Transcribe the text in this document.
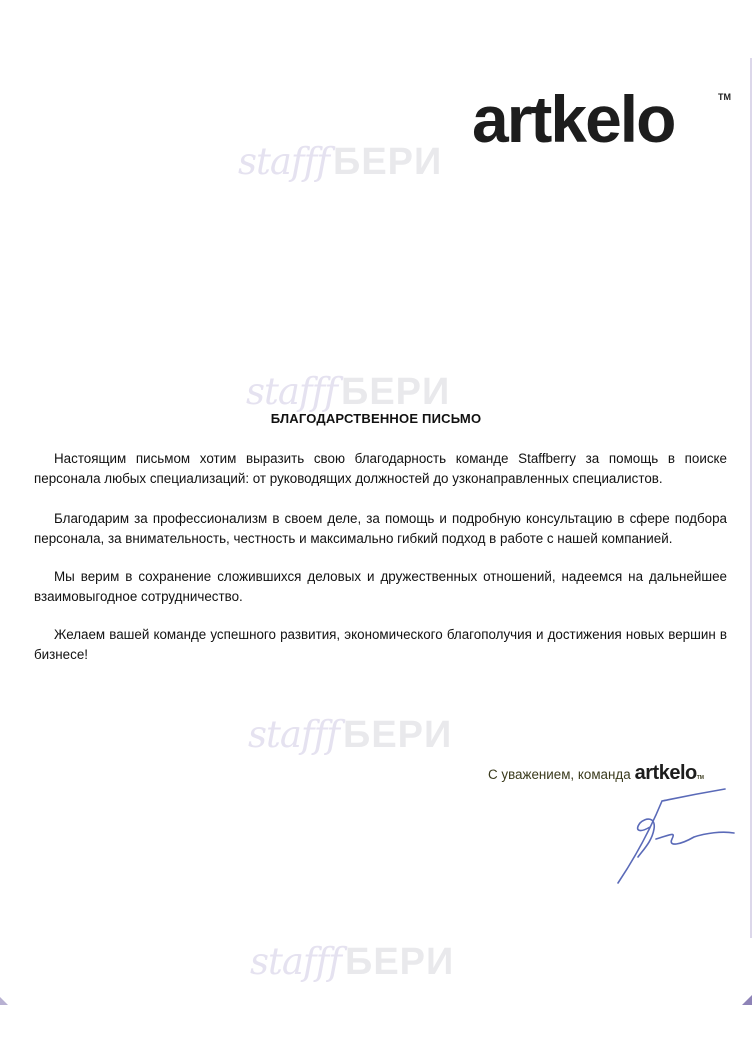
artkelo	TM
stafff БЕРИ
stafff БЕРИ
stafff БЕРИ
stafff БЕРИ
БЛАГОДАРСТВЕННОЕ ПИСЬМО
Настоящим письмом хотим выразить свою благодарность команде Staffberry за помощь в поиске персонала любых специализаций: от руководящих должностей до узконаправленных специалистов.
Благодарим за профессионализм в своем деле, за помощь и подробную консультацию в сфере подбора персонала, за внимательность, честность и максимально гибкий подход в работе с нашей компанией.
Мы верим в сохранение сложившихся деловых и дружественных отношений, надеемся на дальнейшее взаимовыгодное сотрудничество.
Желаем вашей команде успешного развития, экономического благополучия и достижения новых вершин в бизнесе!
С уважением, команда artkelo TM
